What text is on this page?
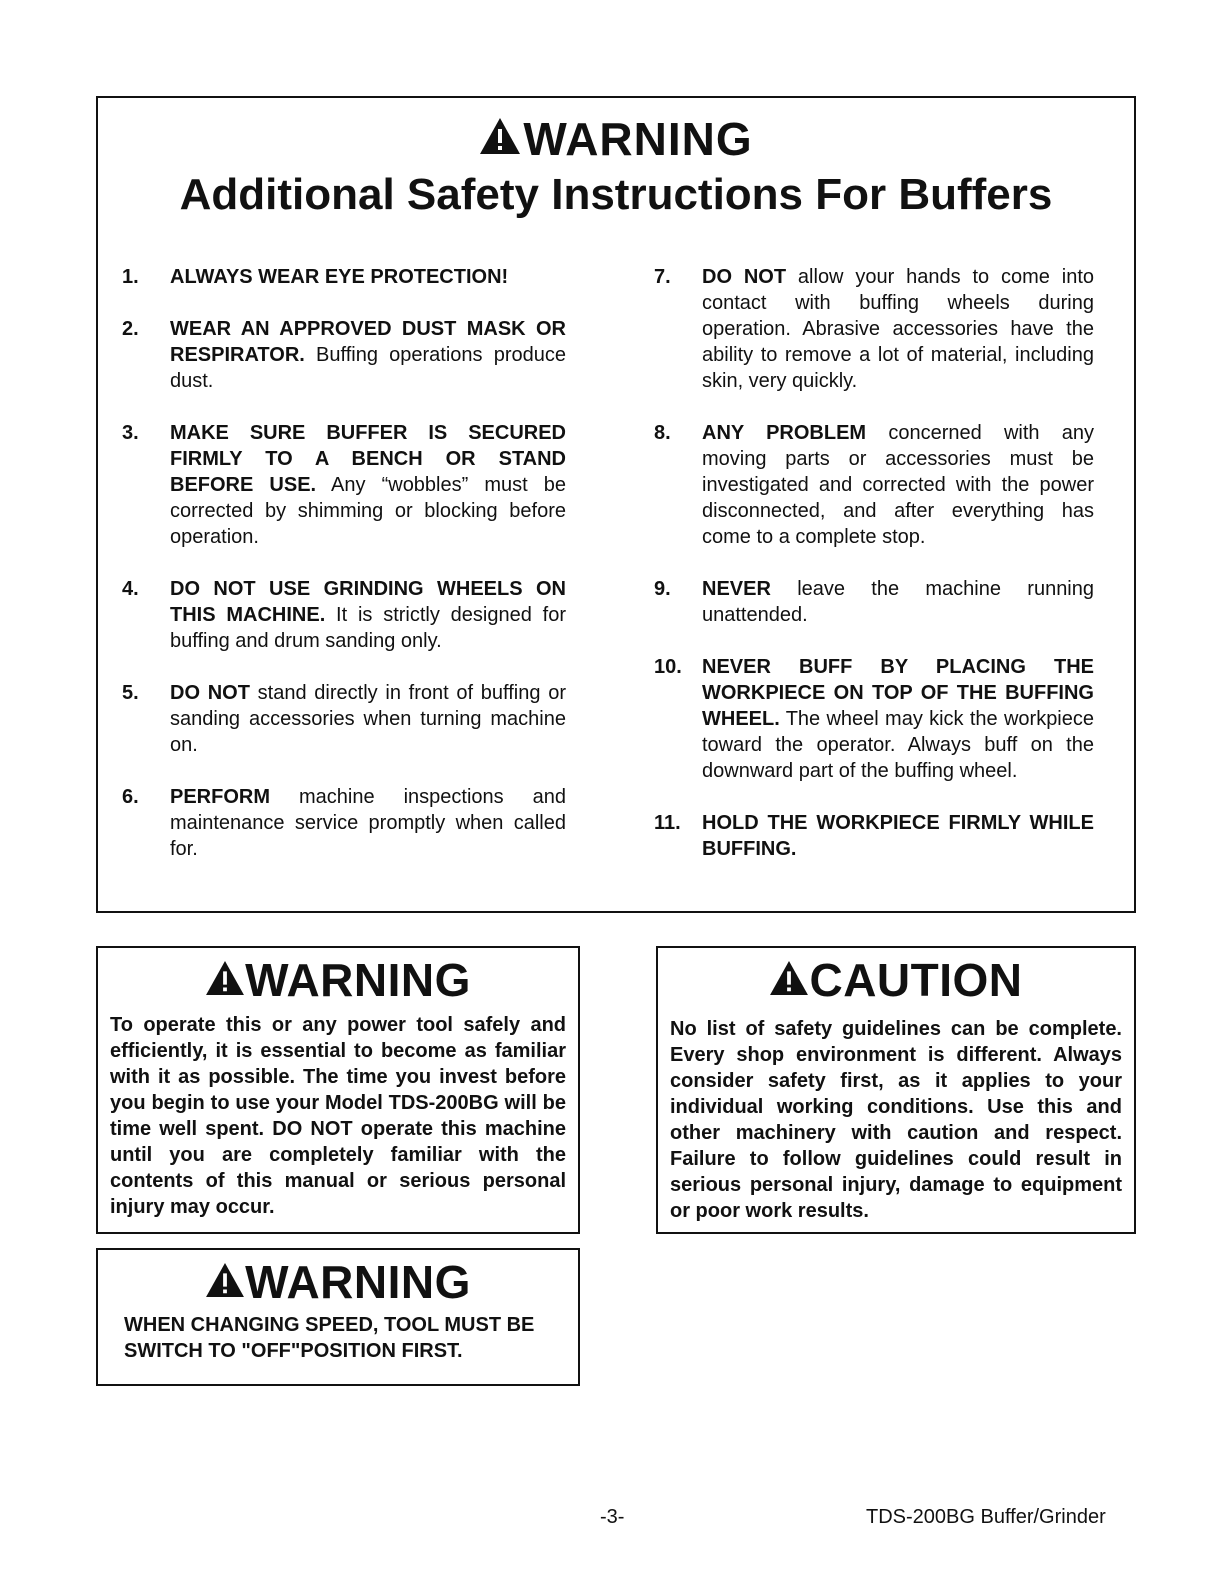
WARNING
Additional Safety Instructions For Buffers
1. ALWAYS WEAR EYE PROTECTION!
2. WEAR AN APPROVED DUST MASK OR RESPIRATOR. Buffing operations produce dust.
3. MAKE SURE BUFFER IS SECURED FIRMLY TO A BENCH OR STAND BEFORE USE. Any “wobbles” must be corrected by shimming or blocking before operation.
4. DO NOT USE GRINDING WHEELS ON THIS MACHINE. It is strictly designed for buffing and drum sanding only.
5. DO NOT stand directly in front of buffing or sanding accessories when turning machine on.
6. PERFORM machine inspections and maintenance service promptly when called for.
7. DO NOT allow your hands to come into contact with buffing wheels during operation. Abrasive accessories have the ability to remove a lot of material, including skin, very quickly.
8. ANY PROBLEM concerned with any moving parts or accessories must be investigated and corrected with the power disconnected, and after everything has come to a complete stop.
9. NEVER leave the machine running unattended.
10. NEVER BUFF BY PLACING THE WORKPIECE ON TOP OF THE BUFFING WHEEL. The wheel may kick the workpiece toward the operator. Always buff on the downward part of the buffing wheel.
11. HOLD THE WORKPIECE FIRMLY WHILE BUFFING.
WARNING
To operate this or any power tool safely and efficiently, it is essential to become as familiar with it as possible. The time you invest before you begin to use your Model TDS-200BG will be time well spent. DO NOT operate this machine until you are completely familiar with the contents of this manual or serious personal injury may occur.
CAUTION
No list of safety guidelines can be complete. Every shop environment is different. Always consider safety first, as it applies to your individual working conditions. Use this and other machinery with caution and respect. Failure to follow guidelines could result in serious personal injury, damage to equipment or poor work results.
WARNING
WHEN CHANGING SPEED, TOOL MUST BE SWITCH TO "OFF"POSITION FIRST.
-3-	TDS-200BG Buffer/Grinder
